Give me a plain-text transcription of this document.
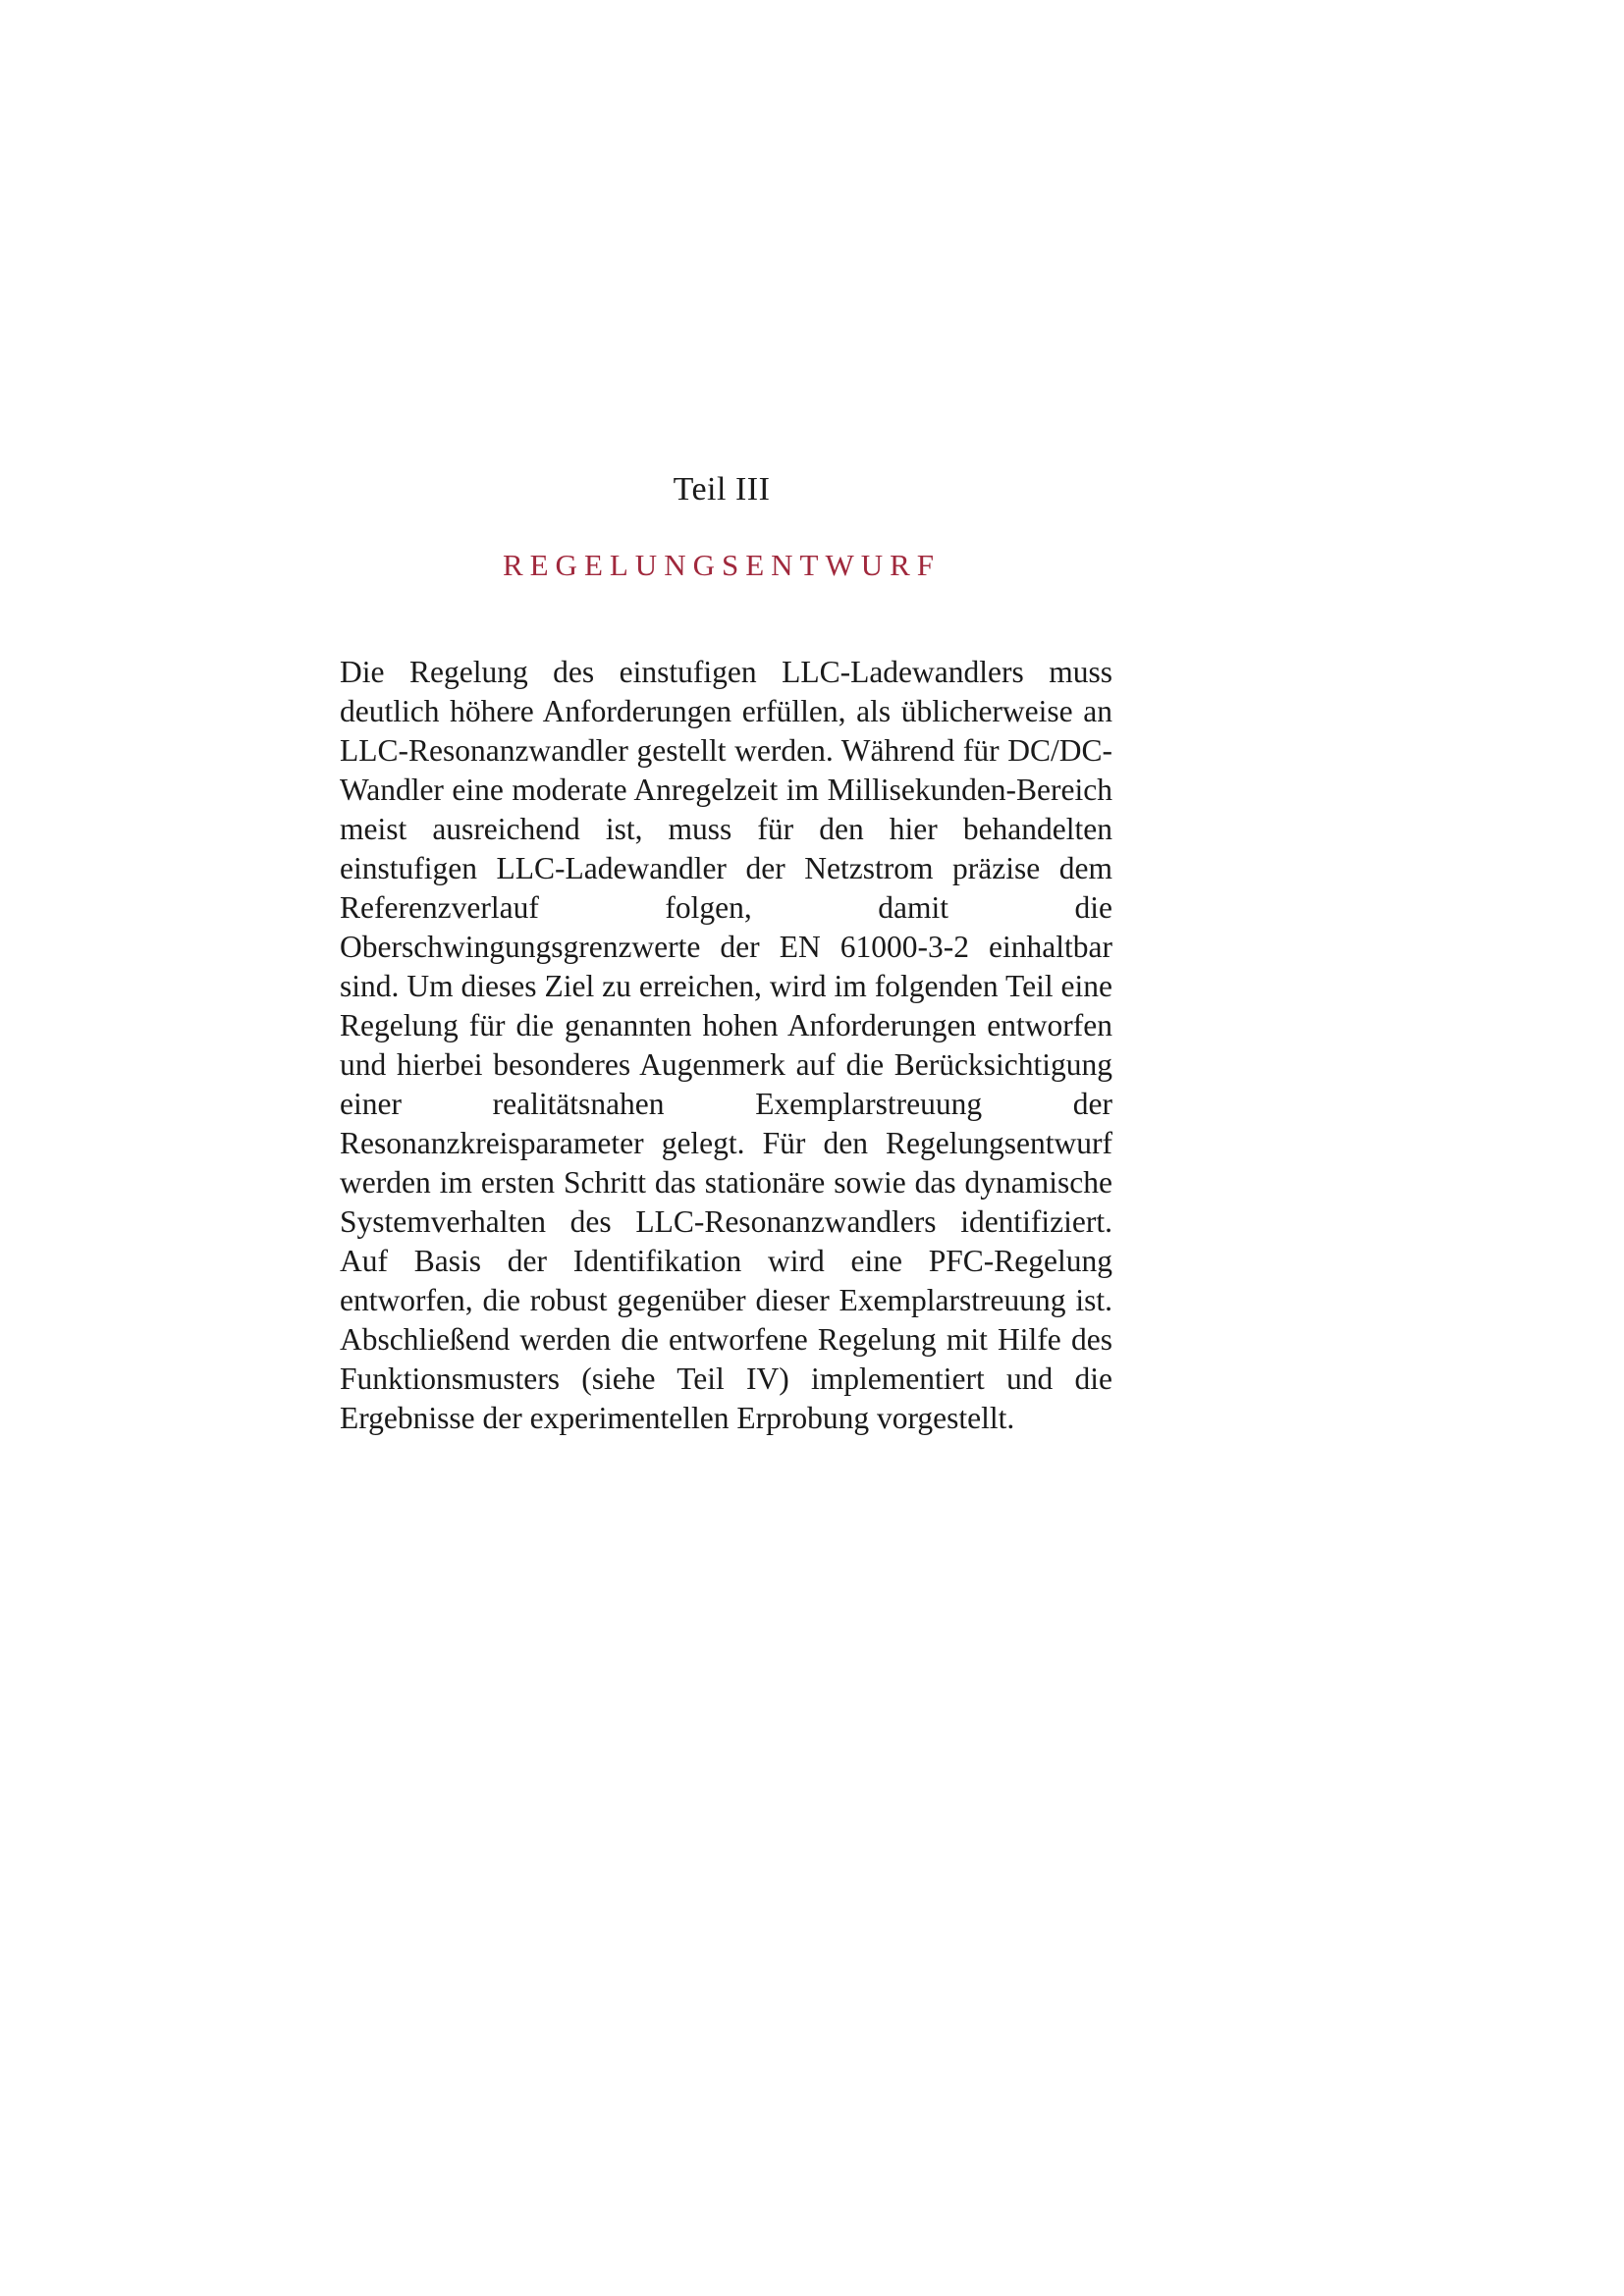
Teil III
REGELUNGSENTWURF

Die Regelung des einstufigen LLC-Ladewandlers muss deutlich höhere Anforderungen erfüllen, als üblicherweise an LLC-Resonanzwandler gestellt werden. Während für DC/DC-Wandler eine moderate Anregelzeit im Millisekunden-Bereich meist ausreichend ist, muss für den hier behandelten einstufigen LLC-Ladewandler der Netzstrom präzise dem Referenzverlauf folgen, damit die Oberschwingungsgrenzwerte der EN 61000-3-2 einhaltbar sind. Um dieses Ziel zu erreichen, wird im folgenden Teil eine Regelung für die genannten hohen Anforderungen entworfen und hierbei besonderes Augenmerk auf die Berücksichtigung einer realitätsnahen Exemplarstreuung der Resonanzkreisparameter gelegt. Für den Regelungsentwurf werden im ersten Schritt das stationäre sowie das dynamische Systemverhalten des LLC-Resonanzwandlers identifiziert. Auf Basis der Identifikation wird eine PFC-Regelung entworfen, die robust gegenüber dieser Exemplarstreuung ist. Abschließend werden die entworfene Regelung mit Hilfe des Funktionsmusters (siehe Teil IV) implementiert und die Ergebnisse der experimentellen Erprobung vorgestellt.
